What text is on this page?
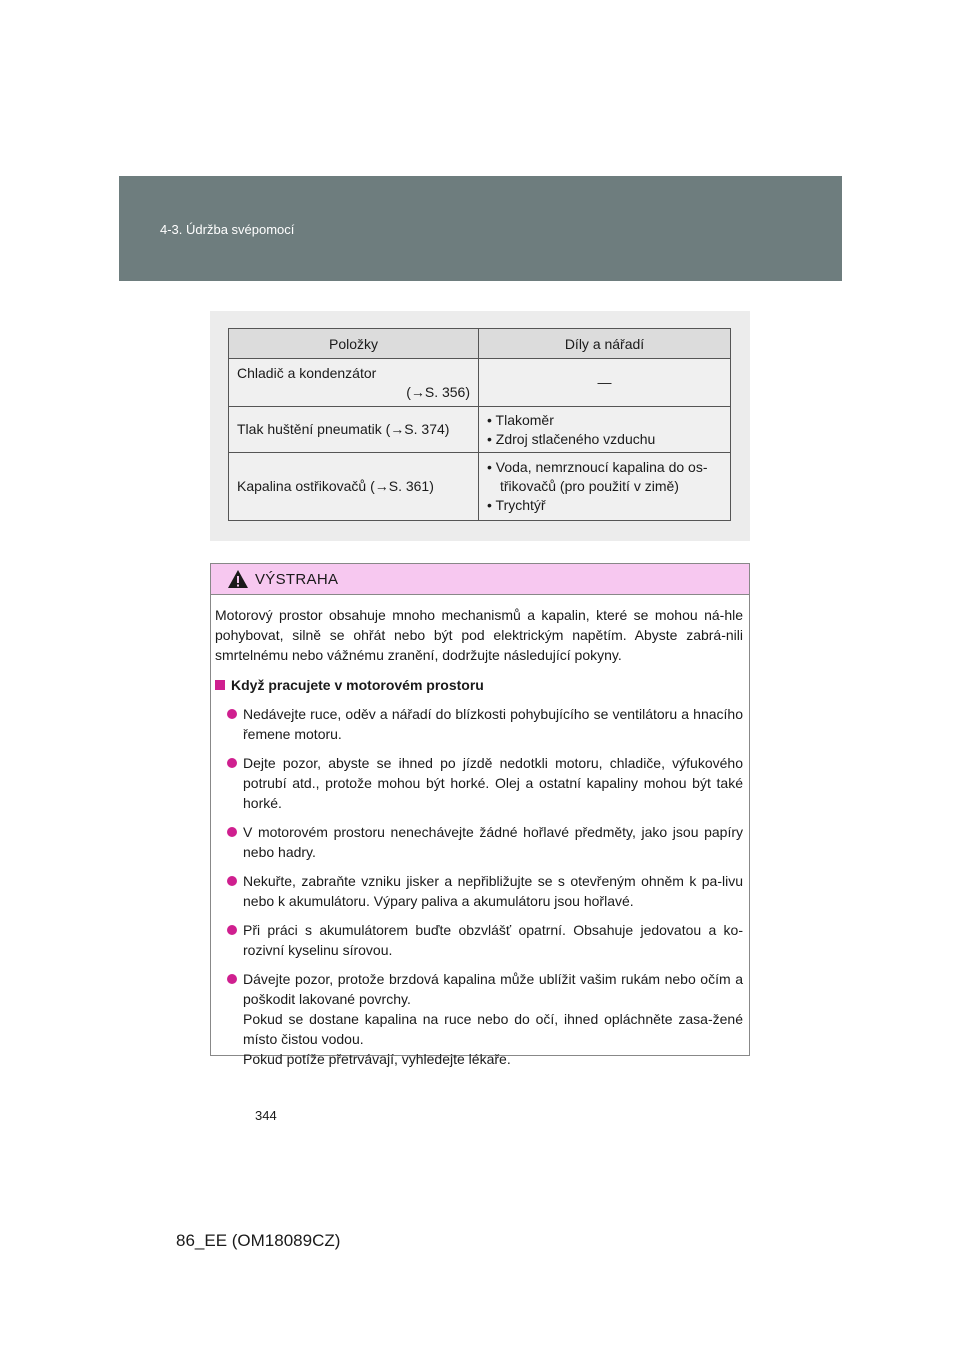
4-3. Údržba svépomocí
Položky	Díly a nářadí

Chladič a kondenzátor
(→S. 356)	—
Tlak huštění pneumatik (→S. 374)	• Tlakoměr
• Zdroj stlačeného vzduchu

Kapalina ostřikovačů (→S. 361)	• Voda, nemrznoucí kapalina do os-
třikovačů (pro použití v zimě)
• Trychtýř
VÝSTRAHA

Motorový prostor obsahuje mnoho mechanismů a kapalin, které se mohou ná-hle pohybovat, silně se ohřát nebo být pod elektrickým napětím. Abyste zabrá-nili smrtelnému nebo vážnému zranění, dodržujte následující pokyny.

Když pracujete v motorovém prostoru
Nedávejte ruce, oděv a nářadí do blízkosti pohybujícího se ventilátoru a hnacího řemene motoru.
Dejte pozor, abyste se ihned po jízdě nedotkli motoru, chladiče, výfukového potrubí atd., protože mohou být horké. Olej a ostatní kapaliny mohou být také horké.
V motorovém prostoru nenechávejte žádné hořlavé předměty, jako jsou papíry nebo hadry.
Nekuřte, zabraňte vzniku jisker a nepřibližujte se s otevřeným ohněm k pa-livu nebo k akumulátoru. Výpary paliva a akumulátoru jsou hořlavé.
Při práci s akumulátorem buďte obzvlášť opatrní. Obsahuje jedovatou a ko-rozivní kyselinu sírovou.
Dávejte pozor, protože brzdová kapalina může ublížit vašim rukám nebo očím a poškodit lakované povrchy.
Pokud se dostane kapalina na ruce nebo do očí, ihned opláchněte zasa-žené místo čistou vodou.
Pokud potíže přetrvávají, vyhledejte lékaře.
344
86_EE (OM18089CZ)
